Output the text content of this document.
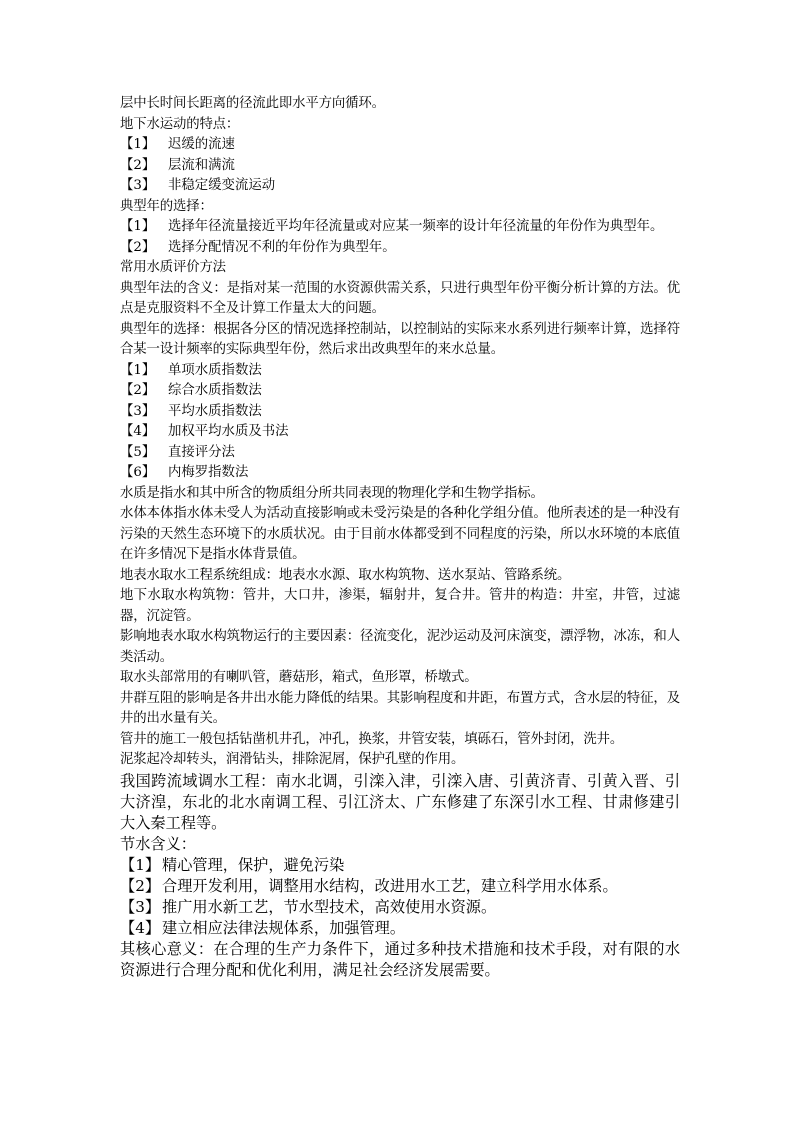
层中长时间长距离的径流此即水平方向循环。

地下水运动的特点：

【1】 迟缓的流速
【2】 层流和满流
【3】 非稳定缓变流运动

典型年的选择：

【1】 选择年径流量接近平均年径流量或对应某一频率的设计年径流量的年份作为典型年。
【2】 选择分配情况不利的年份作为典型年。

常用水质评价方法

典型年法的含义：是指对某一范围的水资源供需关系，只进行典型年份平衡分析计算的方法。优点是克服资料不全及计算工作量太大的问题。

典型年的选择：根据各分区的情况选择控制站，以控制站的实际来水系列进行频率计算，选择符合某一设计频率的实际典型年份，然后求出改典型年的来水总量。

【1】 单项水质指数法
【2】 综合水质指数法
【3】 平均水质指数法
【4】 加权平均水质及书法
【5】 直接评分法
【6】 内梅罗指数法

水质是指水和其中所含的物质组分所共同表现的物理化学和生物学指标。

水体本体指水体未受人为活动直接影响或未受污染是的各种化学组分值。他所表述的是一种没有污染的天然生态环境下的水质状况。由于目前水体都受到不同程度的污染，所以水环境的本底值在许多情况下是指水体背景值。

地表水取水工程系统组成：地表水水源、取水构筑物、送水泵站、管路系统。

地下水取水构筑物：管井，大口井，渗渠，辐射井，复合井。管井的构造：井室，井管，过滤器，沉淀管。

影响地表水取水构筑物运行的主要因素：径流变化，泥沙运动及河床演变，漂浮物，冰冻，和人类活动。

取水头部常用的有喇叭管，蘑菇形，箱式，鱼形罩，桥墩式。

井群互阻的影响是各井出水能力降低的结果。其影响程度和井距，布置方式，含水层的特征，及井的出水量有关。

管井的施工一般包括钻凿机井孔，冲孔，换浆，井管安装，填砾石，管外封闭，洗井。

泥浆起冷却转头，润滑钻头，排除泥屑，保护孔壁的作用。

我国跨流域调水工程：南水北调，引滦入津，引滦入唐、引黄济青、引黄入晋、引大济湟，东北的北水南调工程、引江济太、广东修建了东深引水工程、甘肃修建引大入秦工程等。

节水含义：

【1】 精心管理，保护，避免污染
【2】 合理开发利用，调整用水结构，改进用水工艺，建立科学用水体系。
【3】 推广用水新工艺，节水型技术，高效使用水资源。
【4】 建立相应法律法规体系，加强管理。

其核心意义：在合理的生产力条件下，通过多种技术措施和技术手段，对有限的水资源进行合理分配和优化利用，满足社会经济发展需要。
